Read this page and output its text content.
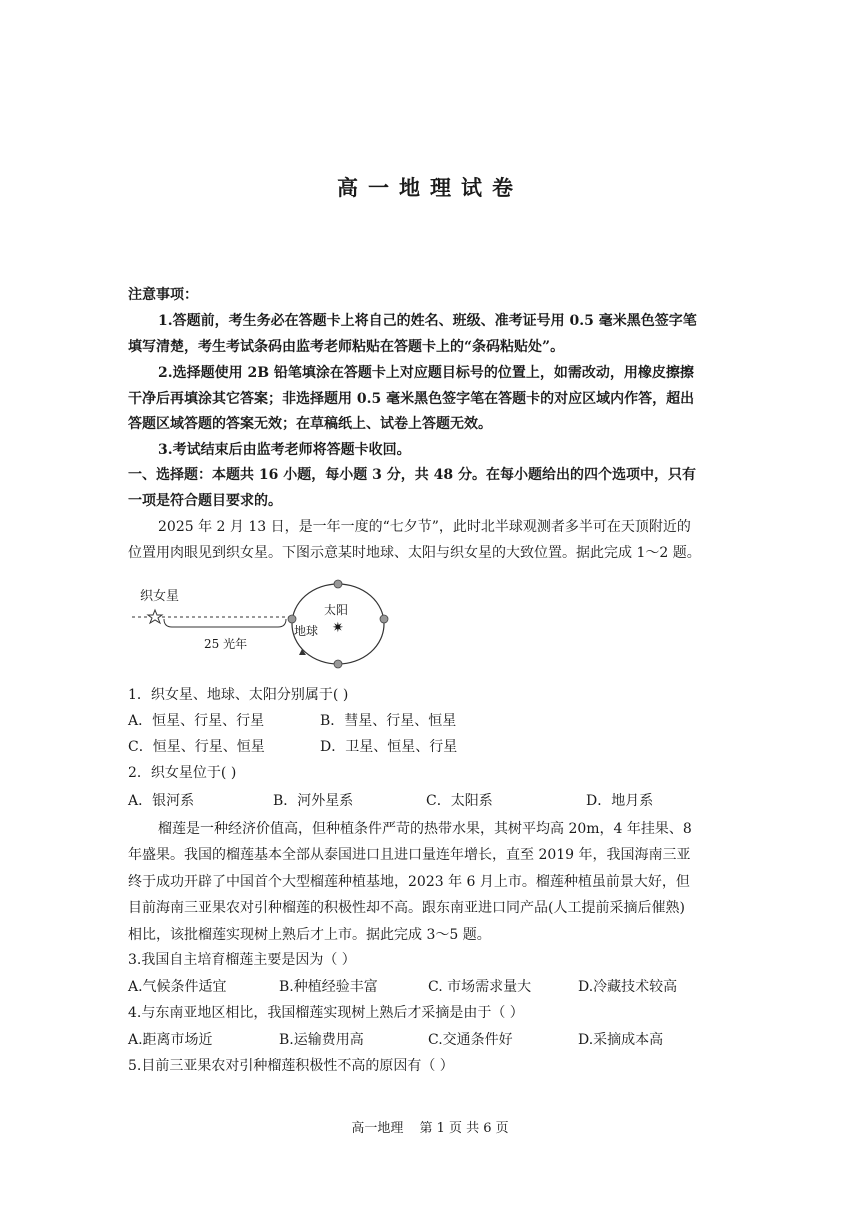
高一地理试卷
注意事项：
1.答题前，考生务必在答题卡上将自己的姓名、班级、准考证号用 0.5 毫米黑色签字笔
填写清楚，考生考试条码由监考老师粘贴在答题卡上的“条码粘贴处”。
2.选择题使用 2B 铅笔填涂在答题卡上对应题目标号的位置上，如需改动，用橡皮擦擦
干净后再填涂其它答案；非选择题用 0.5 毫米黑色签字笔在答题卡的对应区域内作答，超出
答题区域答题的答案无效；在草稿纸上、试卷上答题无效。
3.考试结束后由监考老师将答题卡收回。
一、选择题：本题共 16 小题，每小题 3 分，共 48 分。在每小题给出的四个选项中，只有
一项是符合题目要求的。
2025 年 2 月 13 日，是一年一度的“七夕节”，此时北半球观测者多半可在天顶附近的
位置用肉眼见到织女星。下图示意某时地球、太阳与织女星的大致位置。据此完成 1～2 题。
织女星
25 光年
太阳
✷
地球
1．织女星、地球、太阳分别属于( )
A．恒星、行星、行星	B．彗星、行星、恒星
C．恒星、行星、恒星	D．卫星、恒星、行星
2．织女星位于( )
A．银河系	B．河外星系	C．太阳系	D．地月系
榴莲是一种经济价值高，但种植条件严苛的热带水果，其树平均高 20m，4 年挂果、8
年盛果。我国的榴莲基本全部从泰国进口且进口量连年增长，直至 2019 年，我国海南三亚
终于成功开辟了中国首个大型榴莲种植基地，2023 年 6 月上市。榴莲种植虽前景大好，但
目前海南三亚果农对引种榴莲的积极性却不高。跟东南亚进口同产品(人工提前采摘后催熟)
相比，该批榴莲实现树上熟后才上市。据此完成 3～5 题。
3.我国自主培育榴莲主要是因为（ ）
A.气候条件适宜	B.种植经验丰富	C. 市场需求量大	D.冷藏技术较高
4.与东南亚地区相比，我国榴莲实现树上熟后才采摘是由于（ ）
A.距离市场近	B.运输费用高	C.交通条件好	D.采摘成本高
5.目前三亚果农对引种榴莲积极性不高的原因有（ ）
高一地理 第 1 页 共 6 页
